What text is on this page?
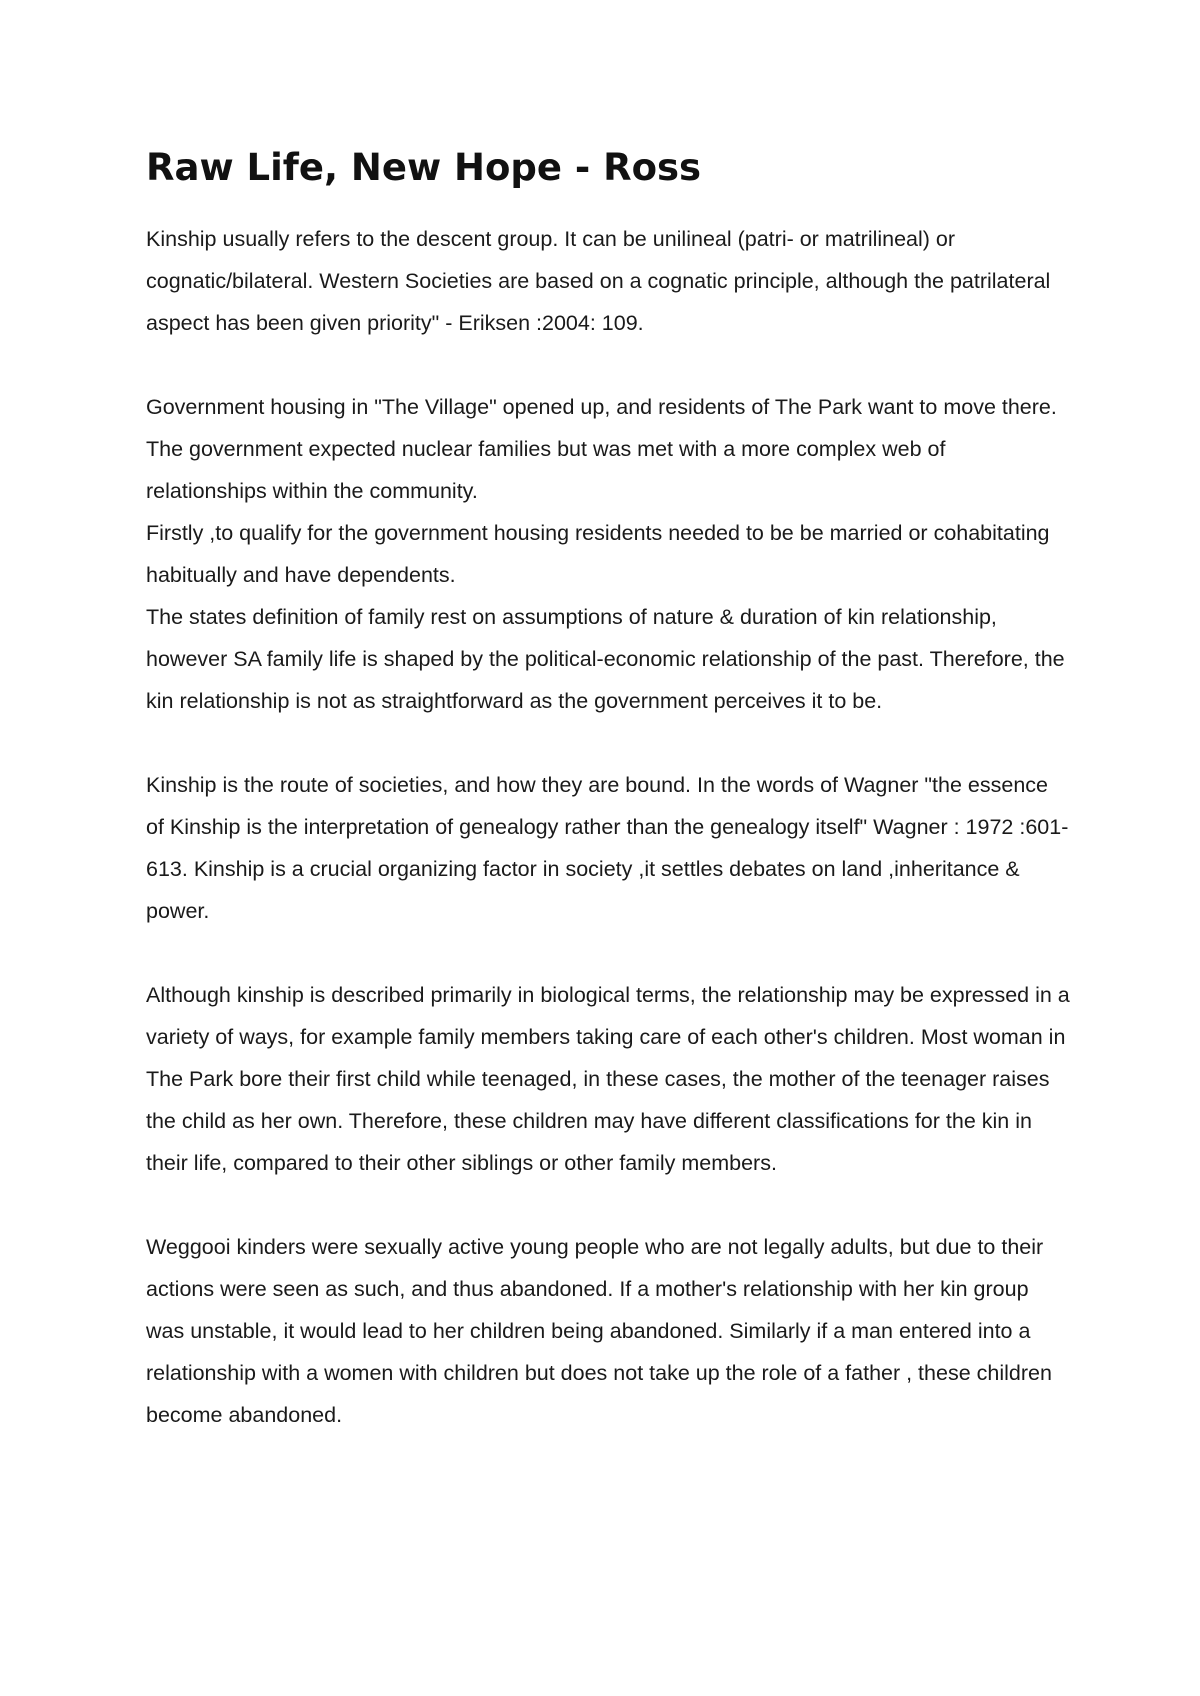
Raw Life, New Hope - Ross

Kinship usually refers to the descent group. It can be unilineal (patri- or matrilineal) or cognatic/bilateral. Western Societies are based on a cognatic principle, although the patrilateral aspect has been given priority" - Eriksen :2004: 109.

Government housing in "The Village" opened up, and residents of The Park want to move there. The government expected nuclear families but was met with a more complex web of relationships within the community.

Firstly ,to qualify for the government housing residents needed to be be married or cohabitating habitually and have dependents.

The states definition of family rest on assumptions of nature & duration of kin relationship, however SA family life is shaped by the political-economic relationship of the past. Therefore, the kin relationship is not as straightforward as the government perceives it to be.

Kinship is the route of societies, and how they are bound. In the words of Wagner "the essence of Kinship is the interpretation of genealogy rather than the genealogy itself" Wagner : 1972 :601-613. Kinship is a crucial organizing factor in society ,it settles debates on land ,inheritance & power.

Although kinship is described primarily in biological terms, the relationship may be expressed in a variety of ways, for example family members taking care of each other's children. Most woman in The Park bore their first child while teenaged, in these cases, the mother of the teenager raises the child as her own. Therefore, these children may have different classifications for the kin in their life, compared to their other siblings or other family members.

Weggooi kinders were sexually active young people who are not legally adults, but due to their actions were seen as such, and thus abandoned. If a mother's relationship with her kin group was unstable, it would lead to her children being abandoned. Similarly if a man entered into a relationship with a women with children but does not take up the role of a father , these children become abandoned.
